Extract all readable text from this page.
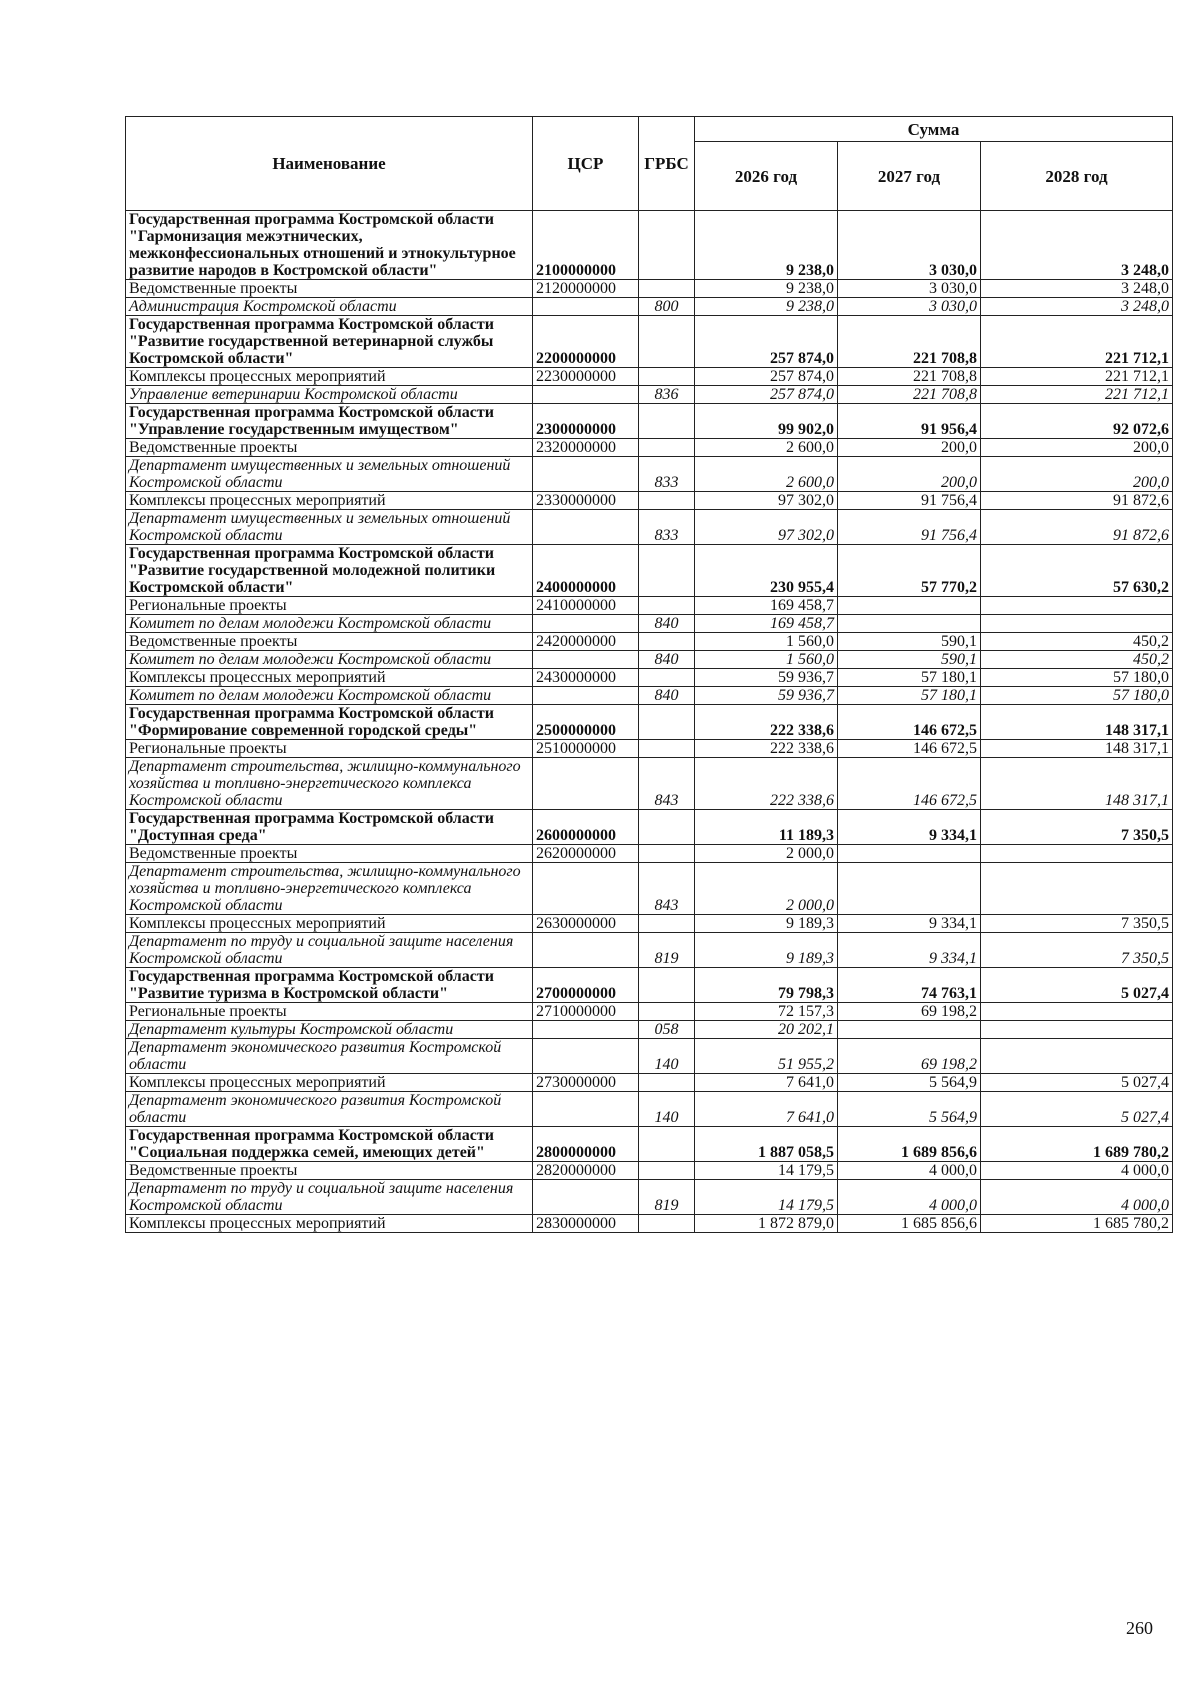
Наименование	ЦСР	ГРБС	Сумма		
			2026 год	2027 год	2028 год
Государственная программа Костромской области "Гармонизация межэтнических, межконфессиональных отношений и этнокультурное развитие народов в Костромской области"	2100000000		9 238,0	3 030,0	3 248,0
Ведомственные проекты	2120000000		9 238,0	3 030,0	3 248,0
Администрация Костромской области		800	9 238,0	3 030,0	3 248,0
Государственная программа Костромской области "Развитие государственной ветеринарной службы Костромской области"	2200000000		257 874,0	221 708,8	221 712,1
Комплексы процессных мероприятий	2230000000		257 874,0	221 708,8	221 712,1
Управление ветеринарии Костромской области		836	257 874,0	221 708,8	221 712,1
Государственная программа Костромской области "Управление государственным имуществом"	2300000000		99 902,0	91 956,4	92 072,6
Ведомственные проекты	2320000000		2 600,0	200,0	200,0
Департамент имущественных и земельных отношений Костромской области		833	2 600,0	200,0	200,0
Комплексы процессных мероприятий	2330000000		97 302,0	91 756,4	91 872,6
Департамент имущественных и земельных отношений Костромской области		833	97 302,0	91 756,4	91 872,6
Государственная программа Костромской области "Развитие государственной молодежной политики Костромской области"	2400000000		230 955,4	57 770,2	57 630,2
Региональные проекты	2410000000		169 458,7		
Комитет по делам молодежи Костромской области		840	169 458,7		
Ведомственные проекты	2420000000		1 560,0	590,1	450,2
Комитет по делам молодежи Костромской области		840	1 560,0	590,1	450,2
Комплексы процессных мероприятий	2430000000		59 936,7	57 180,1	57 180,0
Комитет по делам молодежи Костромской области		840	59 936,7	57 180,1	57 180,0
Государственная программа Костромской области "Формирование современной городской среды"	2500000000		222 338,6	146 672,5	148 317,1
Региональные проекты	2510000000		222 338,6	146 672,5	148 317,1
Департамент строительства, жилищно-коммунального хозяйства и топливно-энергетического комплекса Костромской области		843	222 338,6	146 672,5	148 317,1
Государственная программа Костромской области "Доступная среда"	2600000000		11 189,3	9 334,1	7 350,5
Ведомственные проекты	2620000000		2 000,0		
Департамент строительства, жилищно-коммунального хозяйства и топливно-энергетического комплекса Костромской области		843	2 000,0		
Комплексы процессных мероприятий	2630000000		9 189,3	9 334,1	7 350,5
Департамент по труду и социальной защите населения Костромской области		819	9 189,3	9 334,1	7 350,5
Государственная программа Костромской области "Развитие туризма в Костромской области"	2700000000		79 798,3	74 763,1	5 027,4
Региональные проекты	2710000000		72 157,3	69 198,2	
Департамент культуры Костромской области		058	20 202,1		
Департамент экономического развития Костромской области		140	51 955,2	69 198,2	
Комплексы процессных мероприятий	2730000000		7 641,0	5 564,9	5 027,4
Департамент экономического развития Костромской области		140	7 641,0	5 564,9	5 027,4
Государственная программа Костромской области "Социальная поддержка семей, имеющих детей"	2800000000		1 887 058,5	1 689 856,6	1 689 780,2
Ведомственные проекты	2820000000		14 179,5	4 000,0	4 000,0
Департамент по труду и социальной защите населения Костромской области		819	14 179,5	4 000,0	4 000,0
Комплексы процессных мероприятий	2830000000		1 872 879,0	1 685 856,6	1 685 780,2
260
